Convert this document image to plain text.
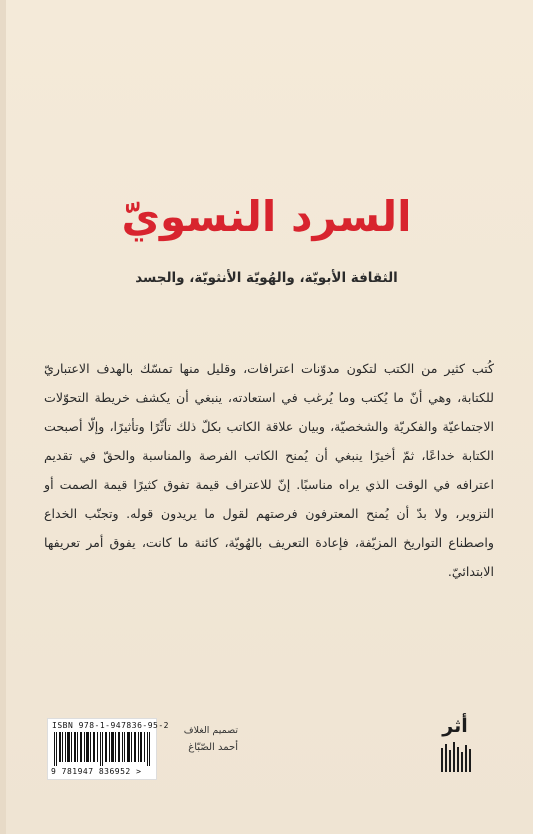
السرد النسويّ
الثقافة الأبويّة، والهُويّة الأنثويّة، والجسد

كُتب كثير من الكتب لتكون مدوّنات اعترافات، وقليل منها تمسّك بالهدف الاعتباريّ للكتابة، وهي أنّ ما يُكتب وما يُرغب في استعادته، ينبغي أن يكشف خريطة التحوّلات الاجتماعيّة والفكريّة والشخصيّة، وبيان علاقة الكاتب بكلّ ذلك تأثّرًا وتأثيرًا، وإلّا أصبحت الكتابة خداعًا، ثمّ أخيرًا ينبغي أن يُمنح الكاتب الفرصة والمناسبة والحقّ في تقديم اعترافه في الوقت الذي يراه مناسبًا. إنّ للاعتراف قيمة تفوق كثيرًا قيمة الصمت أو التزوير، ولا بدّ أن يُمنح المعترفون فرصتهم لقول ما يريدون قوله. وتجنّب الخداع واصطناع التواريخ المزيّفة، فإعادة التعريف بالهُويّة، كائنة ما كانت، يفوق أمر تعريفها الابتدائيّ.

ISBN 978-1-947836-95-2
9 781947 836952 >
تصميم الغلاف
أحمد الصّبّاغ
أثر
